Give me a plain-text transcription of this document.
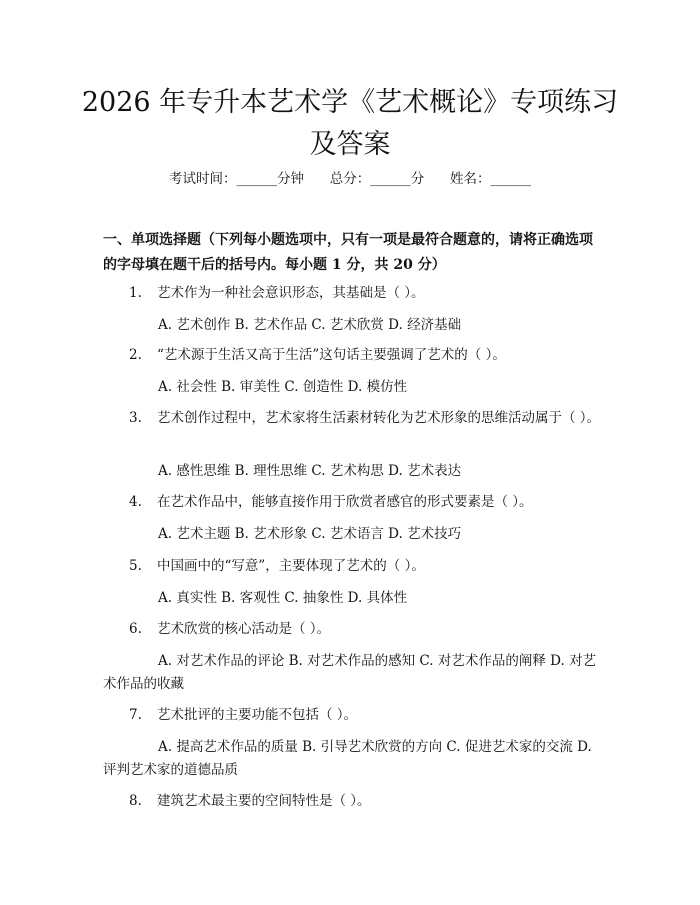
2026 年专升本艺术学《艺术概论》专项练习及答案
考试时间：______分钟 总分：______分 姓名：______
一、单项选择题（下列每小题选项中，只有一项是最符合题意的，请将正确选项的字母填在题干后的括号内。每小题 1 分，共 20 分）
1. 艺术作为一种社会意识形态，其基础是（ ）。
A. 艺术创作 B. 艺术作品 C. 艺术欣赏 D. 经济基础
2. “艺术源于生活又高于生活”这句话主要强调了艺术的（ ）。
A. 社会性 B. 审美性 C. 创造性 D. 模仿性
3. 艺术创作过程中，艺术家将生活素材转化为艺术形象的思维活动属于（ ）。
A. 感性思维 B. 理性思维 C. 艺术构思 D. 艺术表达
4. 在艺术作品中，能够直接作用于欣赏者感官的形式要素是（ ）。
A. 艺术主题 B. 艺术形象 C. 艺术语言 D. 艺术技巧
5. 中国画中的“写意”，主要体现了艺术的（ ）。
A. 真实性 B. 客观性 C. 抽象性 D. 具体性
6. 艺术欣赏的核心活动是（ ）。
A. 对艺术作品的评论 B. 对艺术作品的感知 C. 对艺术作品的阐释 D. 对艺术作品的收藏
7. 艺术批评的主要功能不包括（ ）。
A. 提高艺术作品的质量 B. 引导艺术欣赏的方向 C. 促进艺术家的交流 D. 评判艺术家的道德品质
8. 建筑艺术最主要的空间特性是（ ）。
